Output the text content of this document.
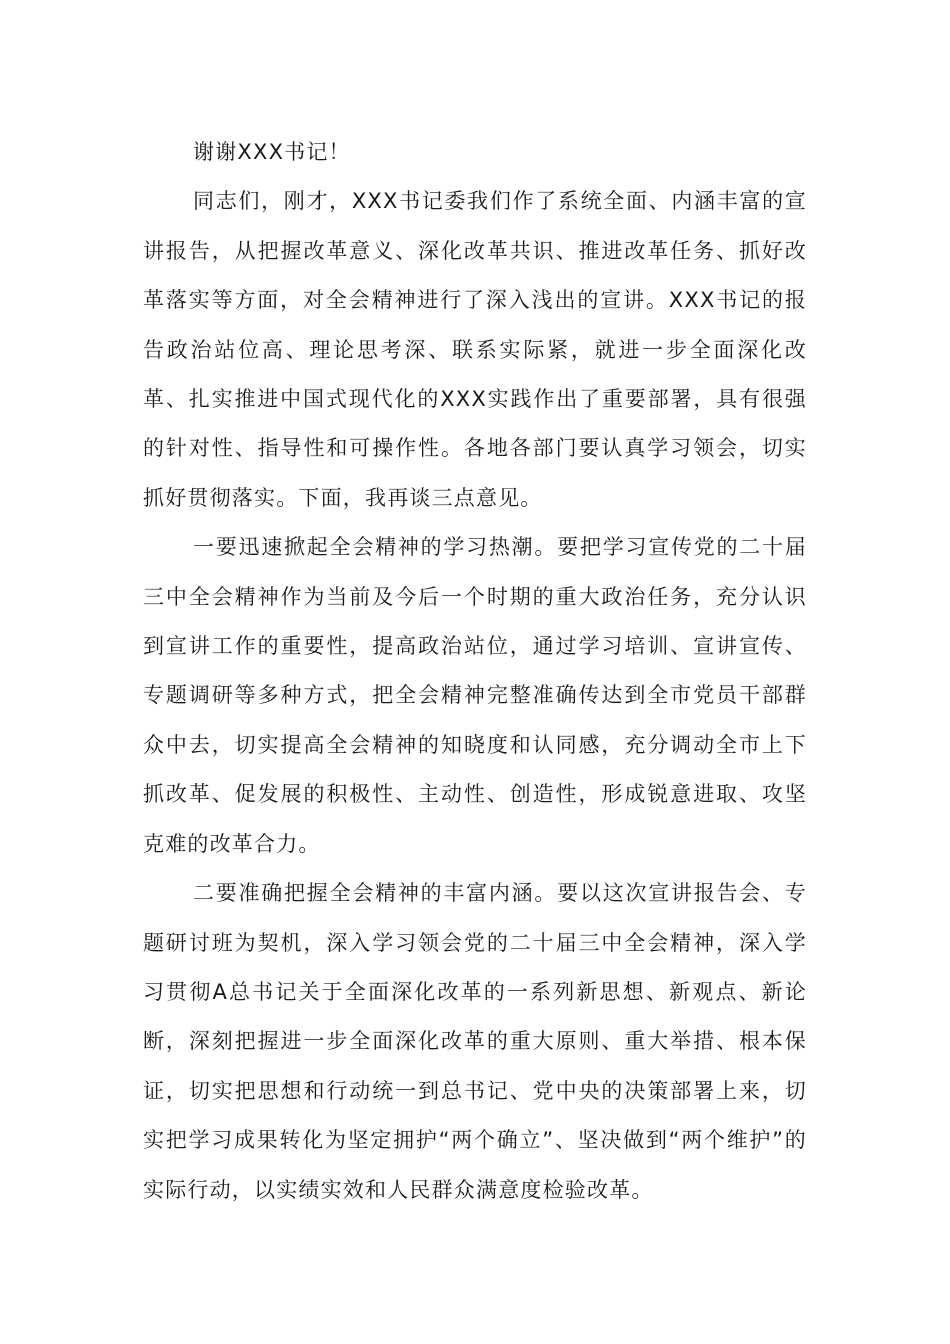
谢谢XXX书记！

同志们，刚才，XXX书记委我们作了系统全面、内涵丰富的宣讲报告，从把握改革意义、深化改革共识、推进改革任务、抓好改革落实等方面，对全会精神进行了深入浅出的宣讲。XXX书记的报告政治站位高、理论思考深、联系实际紧，就进一步全面深化改革、扎实推进中国式现代化的XXX实践作出了重要部署，具有很强的针对性、指导性和可操作性。各地各部门要认真学习领会，切实抓好贯彻落实。下面，我再谈三点意见。

一要迅速掀起全会精神的学习热潮。要把学习宣传党的二十届三中全会精神作为当前及今后一个时期的重大政治任务，充分认识到宣讲工作的重要性，提高政治站位，通过学习培训、宣讲宣传、专题调研等多种方式，把全会精神完整准确传达到全市党员干部群众中去，切实提高全会精神的知晓度和认同感，充分调动全市上下抓改革、促发展的积极性、主动性、创造性，形成锐意进取、攻坚克难的改革合力。

二要准确把握全会精神的丰富内涵。要以这次宣讲报告会、专题研讨班为契机，深入学习领会党的二十届三中全会精神，深入学习贯彻A总书记关于全面深化改革的一系列新思想、新观点、新论断，深刻把握进一步全面深化改革的重大原则、重大举措、根本保证，切实把思想和行动统一到总书记、党中央的决策部署上来，切实把学习成果转化为坚定拥护“两个确立”、坚决做到“两个维护”的实际行动，以实绩实效和人民群众满意度检验改革。
